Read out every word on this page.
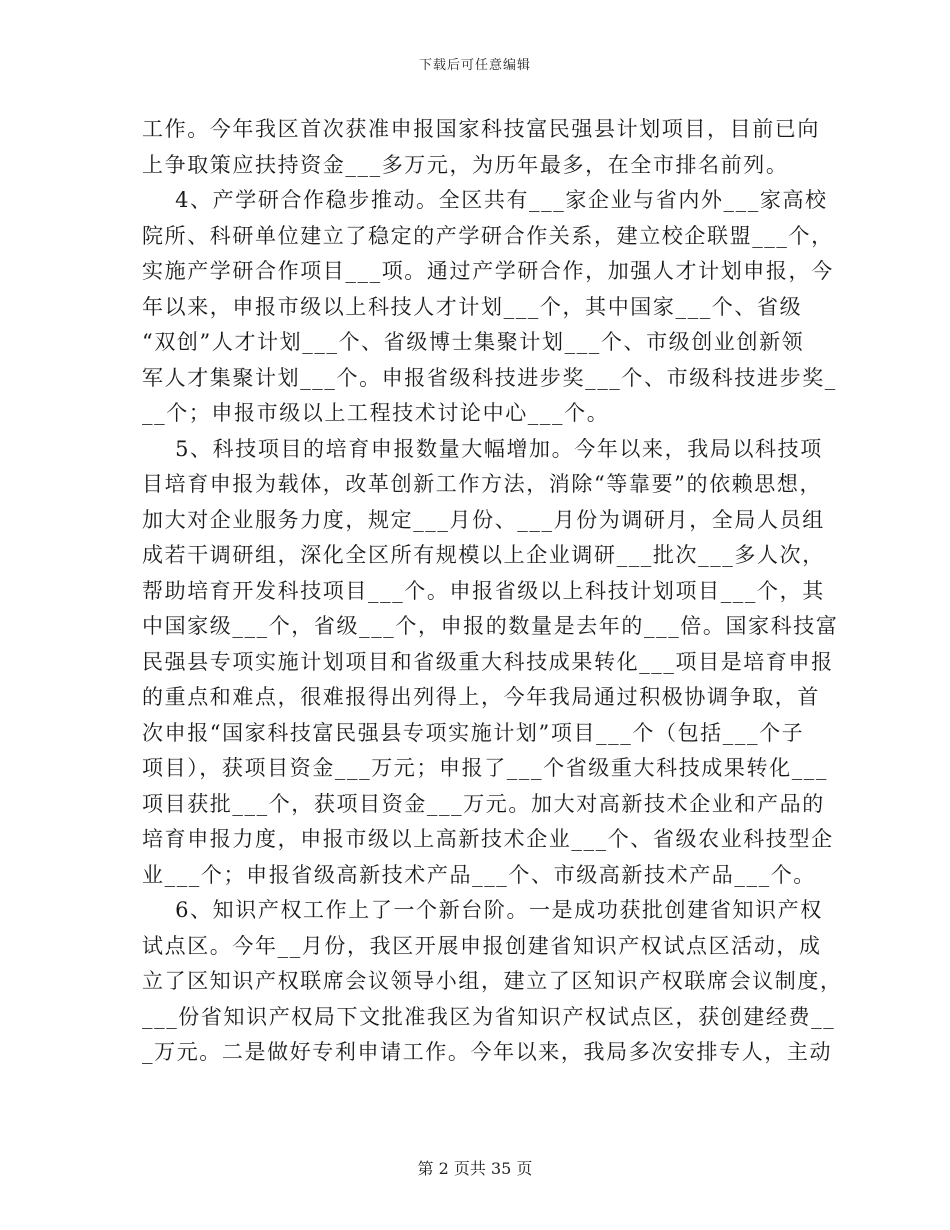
下载后可任意编辑
工作。今年我区首次获准申报国家科技富民强县计划项目，目前已向
上争取策应扶持资金___多万元，为历年最多，在全市排名前列。
4、产学研合作稳步推动。全区共有___家企业与省内外___家高校
院所、科研单位建立了稳定的产学研合作关系，建立校企联盟___个，
实施产学研合作项目___项。通过产学研合作，加强人才计划申报，今
年以来，申报市级以上科技人才计划___个，其中国家___个、省级
“双创”人才计划___个、省级博士集聚计划___个、市级创业创新领
军人才集聚计划___个。申报省级科技进步奖___个、市级科技进步奖_
__个；申报市级以上工程技术讨论中心___个。
5、科技项目的培育申报数量大幅增加。今年以来，我局以科技项
目培育申报为载体，改革创新工作方法，消除“等靠要”的依赖思想，
加大对企业服务力度，规定___月份、___月份为调研月，全局人员组
成若干调研组，深化全区所有规模以上企业调研___批次___多人次，
帮助培育开发科技项目___个。申报省级以上科技计划项目___个，其
中国家级___个，省级___个，申报的数量是去年的___倍。国家科技富
民强县专项实施计划项目和省级重大科技成果转化___项目是培育申报
的重点和难点，很难报得出列得上，今年我局通过积极协调争取，首
次申报“国家科技富民强县专项实施计划”项目___个（包括___个子
项目），获项目资金___万元；申报了___个省级重大科技成果转化___
项目获批___个，获项目资金___万元。加大对高新技术企业和产品的
培育申报力度，申报市级以上高新技术企业___个、省级农业科技型企
业___个；申报省级高新技术产品___个、市级高新技术产品___个。
6、知识产权工作上了一个新台阶。一是成功获批创建省知识产权
试点区。今年__月份，我区开展申报创建省知识产权试点区活动，成
立了区知识产权联席会议领导小组，建立了区知识产权联席会议制度，
___份省知识产权局下文批准我区为省知识产权试点区，获创建经费__
_万元。二是做好专利申请工作。今年以来，我局多次安排专人，主动
第 2 页共 35 页
